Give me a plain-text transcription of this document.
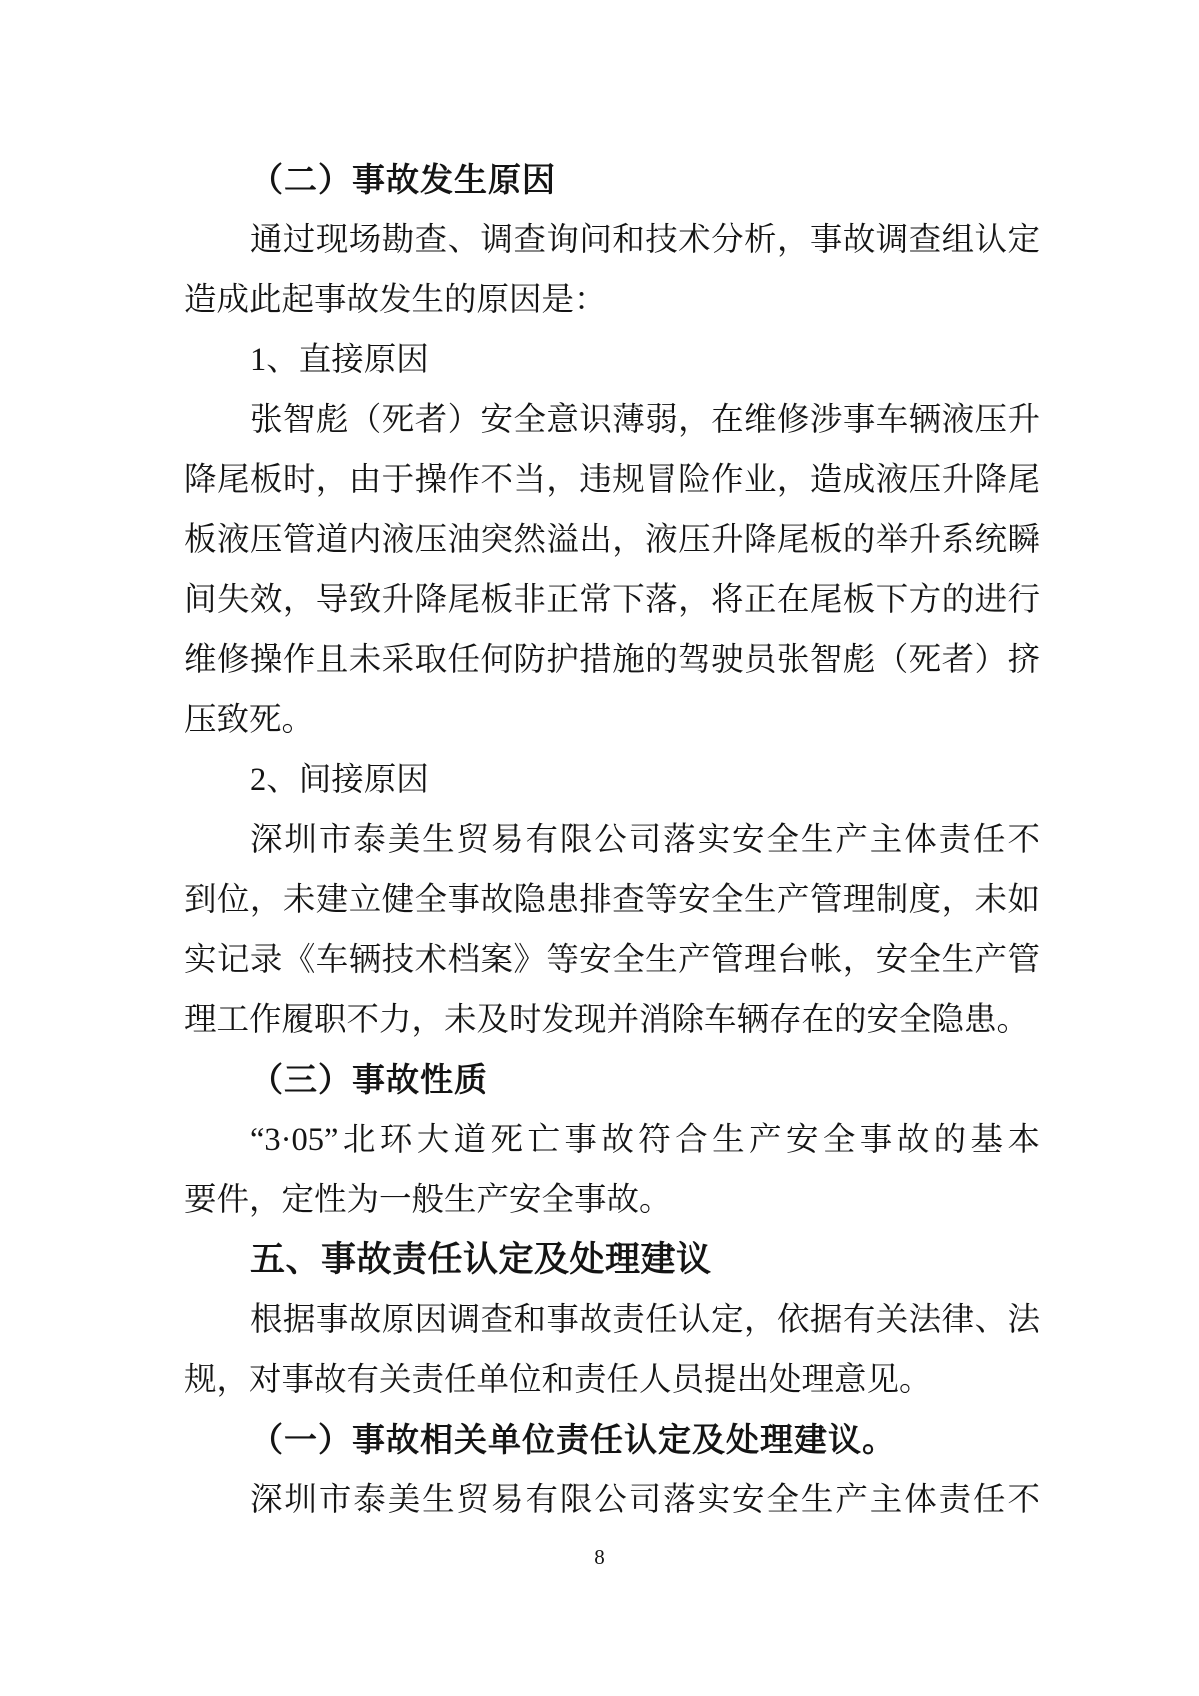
（二）事故发生原因
通过现场勘查、调查询问和技术分析，事故调查组认定
造成此起事故发生的原因是：
1、直接原因
张智彪（死者）安全意识薄弱，在维修涉事车辆液压升
降尾板时，由于操作不当，违规冒险作业，造成液压升降尾
板液压管道内液压油突然溢出，液压升降尾板的举升系统瞬
间失效，导致升降尾板非正常下落，将正在尾板下方的进行
维修操作且未采取任何防护措施的驾驶员张智彪（死者）挤
压致死。
2、间接原因
深圳市泰美生贸易有限公司落实安全生产主体责任不
到位，未建立健全事故隐患排查等安全生产管理制度，未如
实记录《车辆技术档案》等安全生产管理台帐，安全生产管
理工作履职不力，未及时发现并消除车辆存在的安全隐患。
（三）事故性质
“3·05”北环大道死亡事故符合生产安全事故的基本
要件，定性为一般生产安全事故。
五、事故责任认定及处理建议
根据事故原因调查和事故责任认定，依据有关法律、法
规，对事故有关责任单位和责任人员提出处理意见。
（一）事故相关单位责任认定及处理建议。
深圳市泰美生贸易有限公司落实安全生产主体责任不
8
